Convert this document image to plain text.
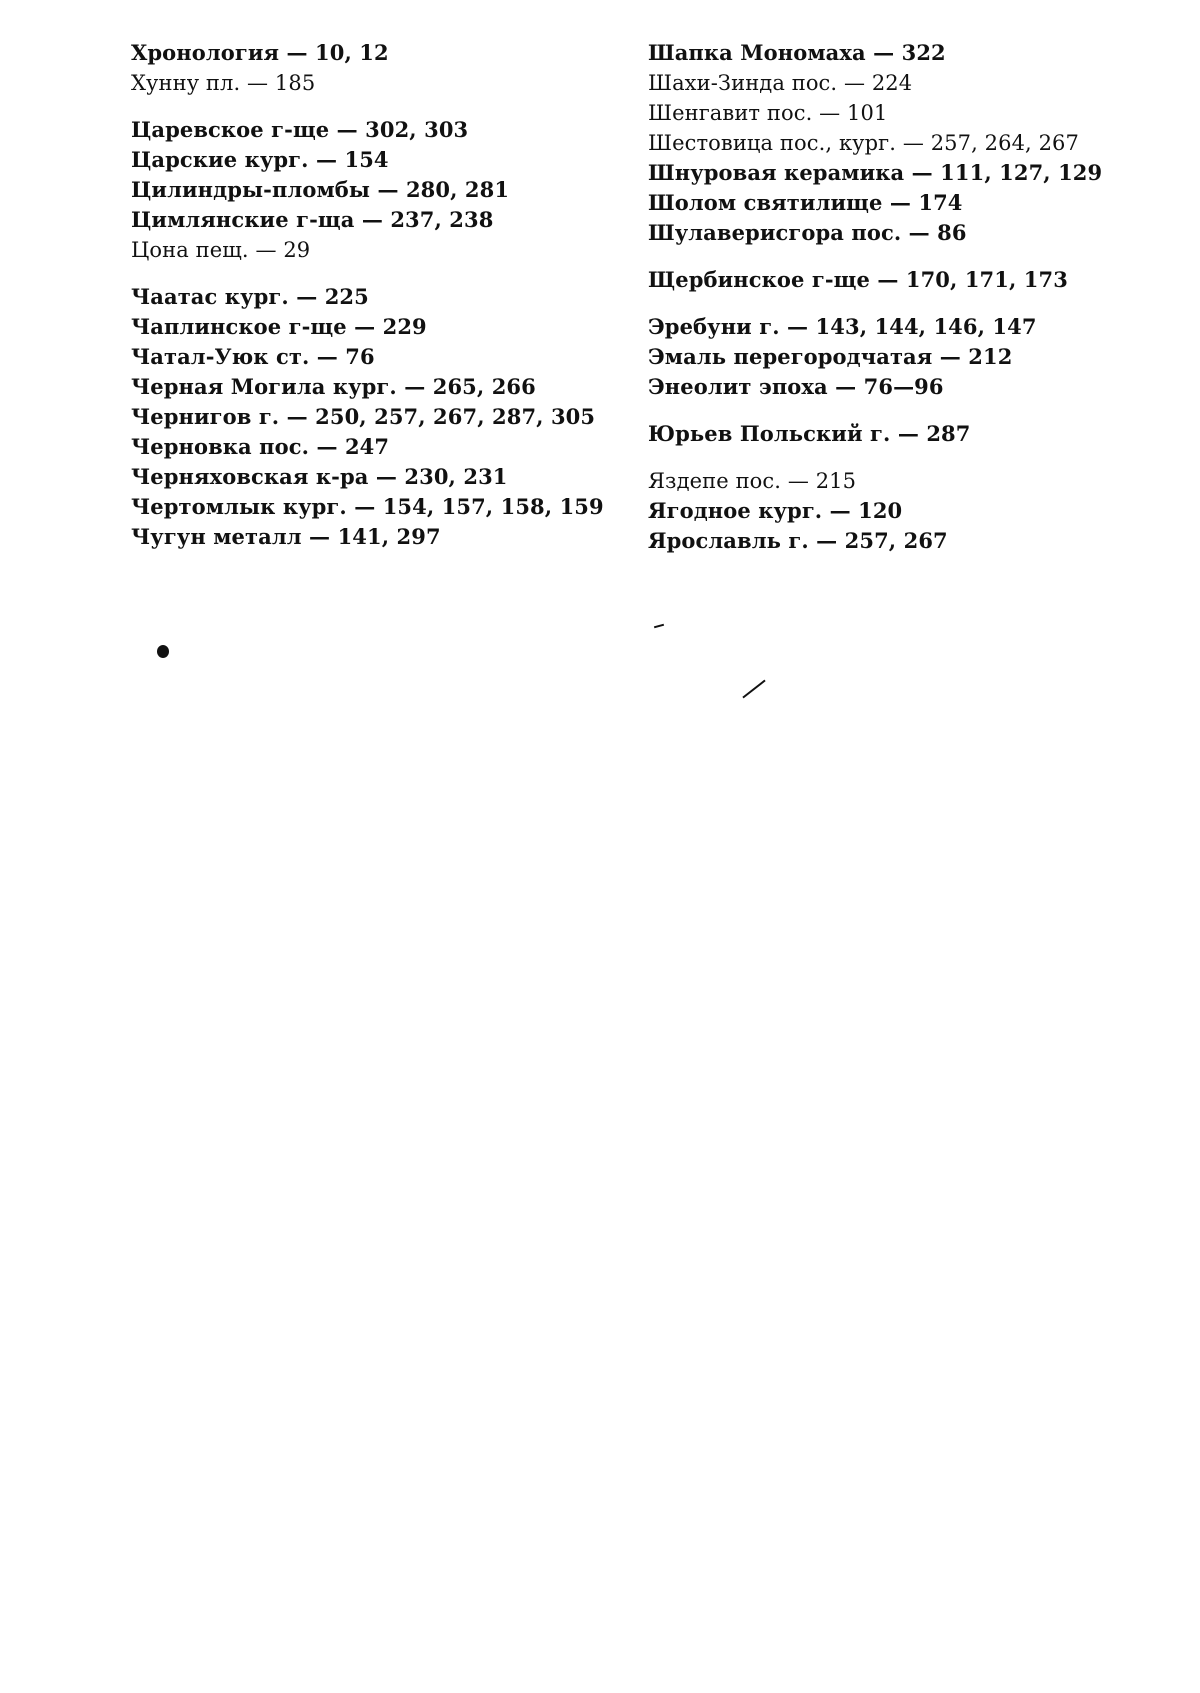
Хронология — 10, 12
Хунну пл. — 185
Царевское г-ще — 302, 303
Царские кург. — 154
Цилиндры-пломбы — 280, 281
Цимлянские г-ща — 237, 238
Цона пещ. — 29
Чаатас кург. — 225
Чаплинское г-ще — 229
Чатал-Уюк ст. — 76
Черная Могила кург. — 265, 266
Чернигов г. — 250, 257, 267, 287, 305
Черновка пос. — 247
Черняховская к-ра — 230, 231
Чертомлык кург. — 154, 157, 158, 159
Чугун металл — 141, 297
Шапка Мономаха — 322
Шахи-Зинда пос. — 224
Шенгавит пос. — 101
Шестовица пос., кург. — 257, 264, 267
Шнуровая керамика — 111, 127, 129
Шолом святилище — 174
Шулаверисгора пос. — 86
Щербинское г-ще — 170, 171, 173
Эребуни г. — 143, 144, 146, 147
Эмаль перегородчатая — 212
Энеолит эпоха — 76—96
Юрьев Польский г. — 287
Яздепе пос. — 215
Ягодное кург. — 120
Ярославль г. — 257, 267
